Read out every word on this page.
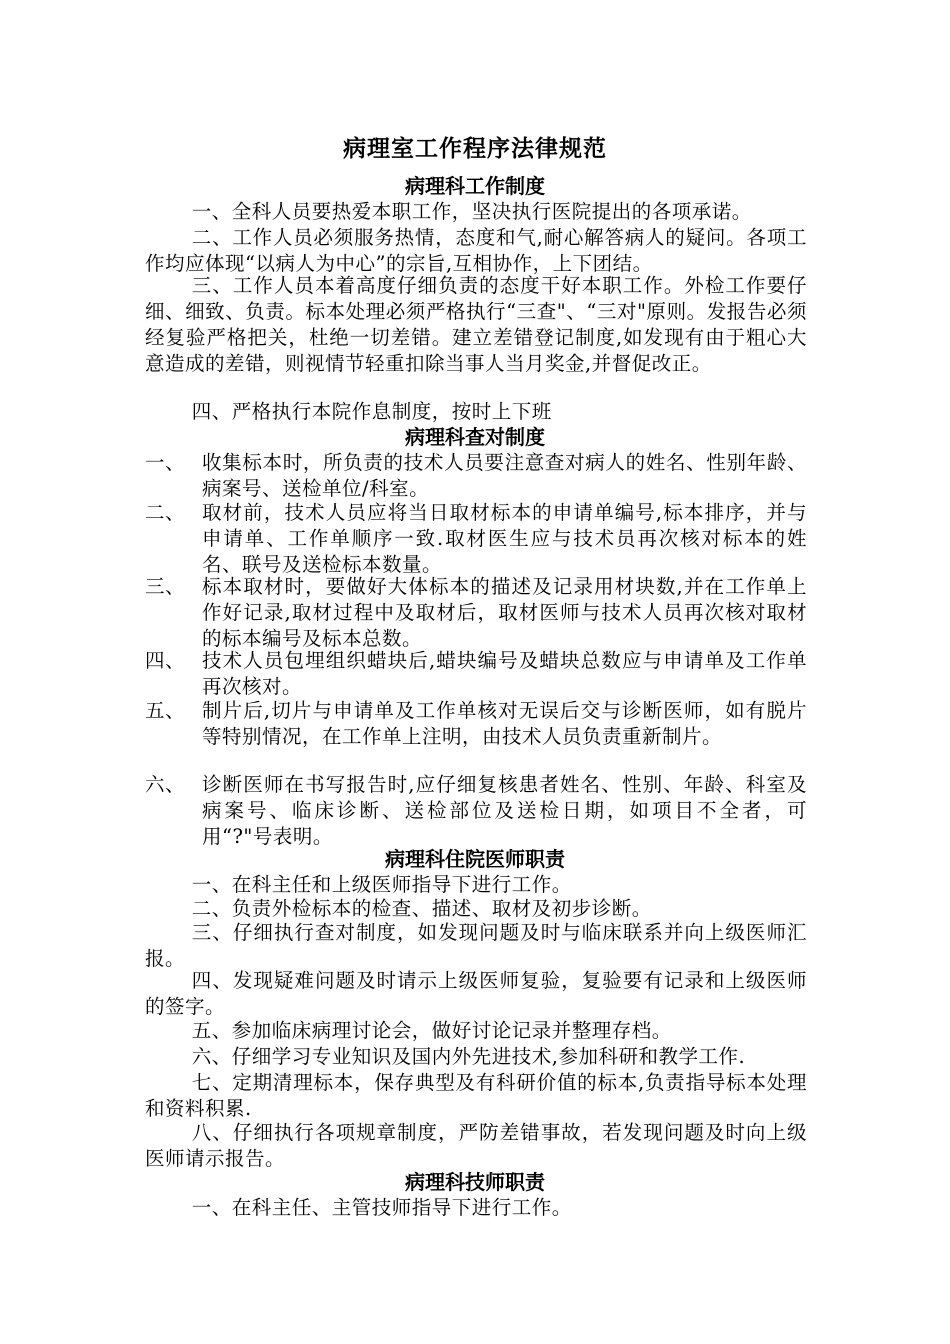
病理室工作程序法律规范
病理科工作制度

一、全科人员要热爱本职工作，坚决执行医院提出的各项承诺。

二、工作人员必须服务热情，态度和气,耐心解答病人的疑问。各项工作均应体现“以病人为中心”的宗旨,互相协作，上下团结。

三、工作人员本着高度仔细负责的态度干好本职工作。外检工作要仔细、细致、负责。标本处理必须严格执行“三查"、“三对"原则。发报告必须经复验严格把关，杜绝一切差错。建立差错登记制度,如发现有由于粗心大意造成的差错，则视情节轻重扣除当事人当月奖金,并督促改正。

四、严格执行本院作息制度，按时上下班

病理科查对制度
一、 收集标本时，所负责的技术人员要注意查对病人的姓名、性别年龄、病案号、送检单位/科室。
二、 取材前，技术人员应将当日取材标本的申请单编号,标本排序，并与申请单、工作单顺序一致.取材医生应与技术员再次核对标本的姓名、联号及送检标本数量。
三、 标本取材时，要做好大体标本的描述及记录用材块数,并在工作单上作好记录,取材过程中及取材后，取材医师与技术人员再次核对取材的标本编号及标本总数。
四、 技术人员包埋组织蜡块后,蜡块编号及蜡块总数应与申请单及工作单再次核对。
五、 制片后,切片与申请单及工作单核对无误后交与诊断医师，如有脱片等特别情况，在工作单上注明，由技术人员负责重新制片。
六、 诊断医师在书写报告时,应仔细复核患者姓名、性别、年龄、科室及病案号、临床诊断、送检部位及送检日期，如项目不全者，可用“?"号表明。
病理科住院医师职责

一、在科主任和上级医师指导下进行工作。

二、负责外检标本的检查、描述、取材及初步诊断。

三、仔细执行查对制度，如发现问题及时与临床联系并向上级医师汇报。

四、发现疑难问题及时请示上级医师复验，复验要有记录和上级医师的签字。

五、参加临床病理讨论会，做好讨论记录并整理存档。

六、仔细学习专业知识及国内外先进技术,参加科研和教学工作.

七、定期清理标本，保存典型及有科研价值的标本,负责指导标本处理和资料积累.

八、仔细执行各项规章制度，严防差错事故，若发现问题及时向上级医师请示报告。

病理科技师职责

一、在科主任、主管技师指导下进行工作。
